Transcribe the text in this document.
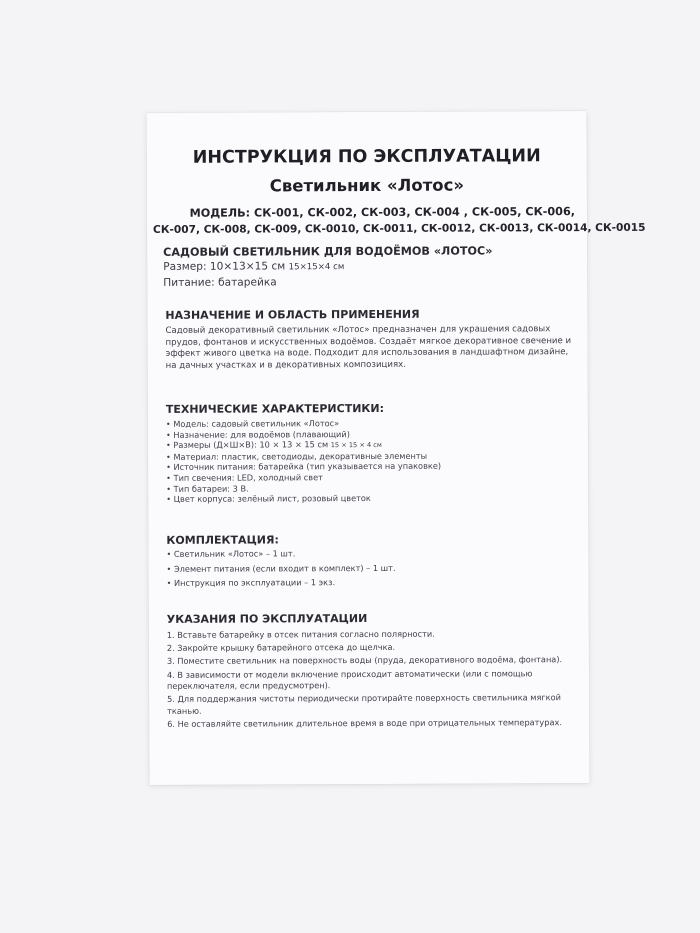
ИНСТРУКЦИЯ ПО ЭКСПЛУАТАЦИИ
Светильник «Лотос»
МОДЕЛЬ: СК-001, СК-002, СК-003, СК-004 , СК-005, СК-006,
СК-007, СК-008, СК-009, СК-0010, СК-0011, СК-0012, СК-0013, СК-0014, СК-0015
САДОВЫЙ СВЕТИЛЬНИК ДЛЯ ВОДОЁМОВ «ЛОТОС»
Размер: 10×13×15 см 15×15×4 см
Питание: батарейка
НАЗНАЧЕНИЕ И ОБЛАСТЬ ПРИМЕНЕНИЯ
Садовый декоративный светильник «Лотос» предназначен для украшения садовых прудов, фонтанов и искусственных водоёмов. Создаёт мягкое декоративное свечение и эффект живого цветка на воде. Подходит для использования в ландшафтном дизайне, на дачных участках и в декоративных композициях.
ТЕХНИЧЕСКИЕ ХАРАКТЕРИСТИКИ:
• Модель: садовый светильник «Лотос»
• Назначение: для водоёмов (плавающий)
• Размеры (Д×Ш×В): 10 × 13 × 15 см 15 × 15 × 4 см
• Материал: пластик, светодиоды, декоративные элементы
• Источник питания: батарейка (тип указывается на упаковке)
• Тип свечения: LED, холодный свет
• Тип батареи: 3 В.
• Цвет корпуса: зелёный лист, розовый цветок
КОМПЛЕКТАЦИЯ:
• Светильник «Лотос» – 1 шт.
• Элемент питания (если входит в комплект) – 1 шт.
• Инструкция по эксплуатации – 1 экз.
УКАЗАНИЯ ПО ЭКСПЛУАТАЦИИ
1. Вставьте батарейку в отсек питания согласно полярности.
2. Закройте крышку батарейного отсека до щелчка.
3. Поместите светильник на поверхность воды (пруда, декоративного водоёма, фонтана).
4. В зависимости от модели включение происходит автоматически (или с помощью переключателя, если предусмотрен).
5. Для поддержания чистоты периодически протирайте поверхность светильника мягкой тканью.
6. Не оставляйте светильник длительное время в воде при отрицательных температурах.
